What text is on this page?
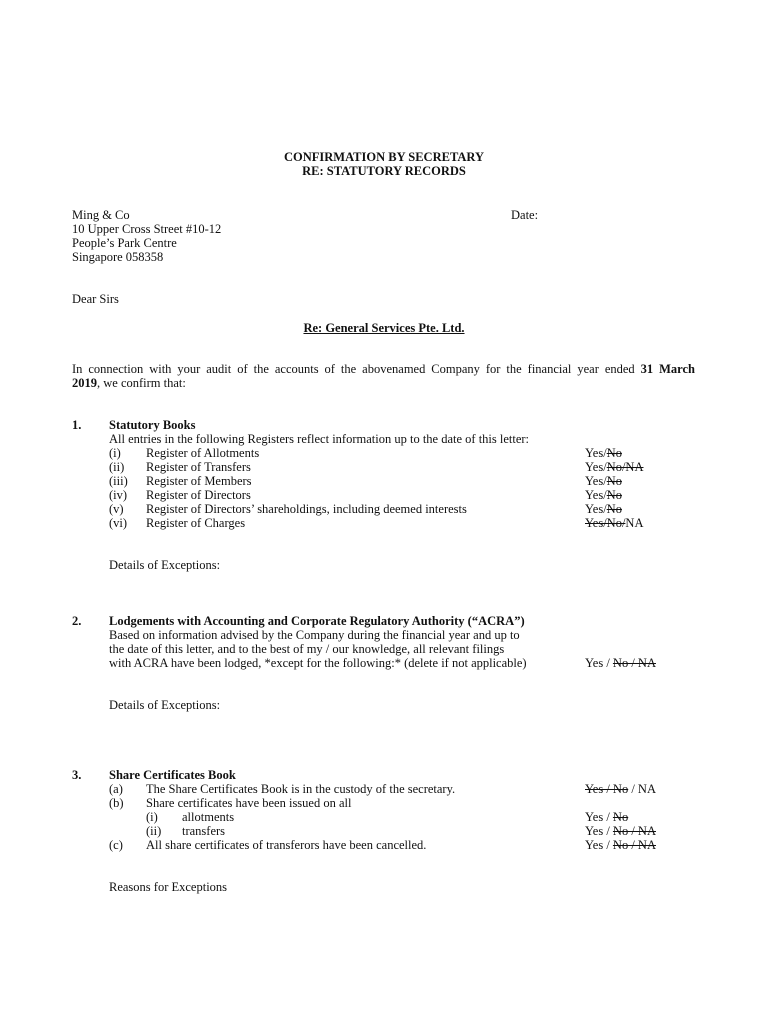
CONFIRMATION BY SECRETARY
RE: STATUTORY RECORDS
Ming & Co
10 Upper Cross Street #10-12
People’s Park Centre
Singapore 058358
Date:
Dear Sirs
Re: General Services Pte. Ltd.
In connection with your audit of the accounts of the abovenamed Company for the financial year ended 31 March
2019, we confirm that:
1. Statutory Books
All entries in the following Registers reflect information up to the date of this letter:
(i) Register of Allotments	Yes/No
(ii) Register of Transfers	Yes/No/NA
(iii) Register of Members	Yes/No
(iv) Register of Directors	Yes/No
(v) Register of Directors’ shareholdings, including deemed interests	Yes/No
(vi) Register of Charges	Yes/No/NA
Details of Exceptions:
2. Lodgements with Accounting and Corporate Regulatory Authority (“ACRA”)
Based on information advised by the Company during the financial year and up to
the date of this letter, and to the best of my / our knowledge, all relevant filings
with ACRA have been lodged, *except for the following:* (delete if not applicable)	Yes / No / NA
Details of Exceptions:
3. Share Certificates Book
(a) The Share Certificates Book is in the custody of the secretary.	Yes / No / NA
(b) Share certificates have been issued on all
(i) allotments	Yes / No
(ii) transfers	Yes / No / NA
(c) All share certificates of transferors have been cancelled.	Yes / No / NA
Reasons for Exceptions
